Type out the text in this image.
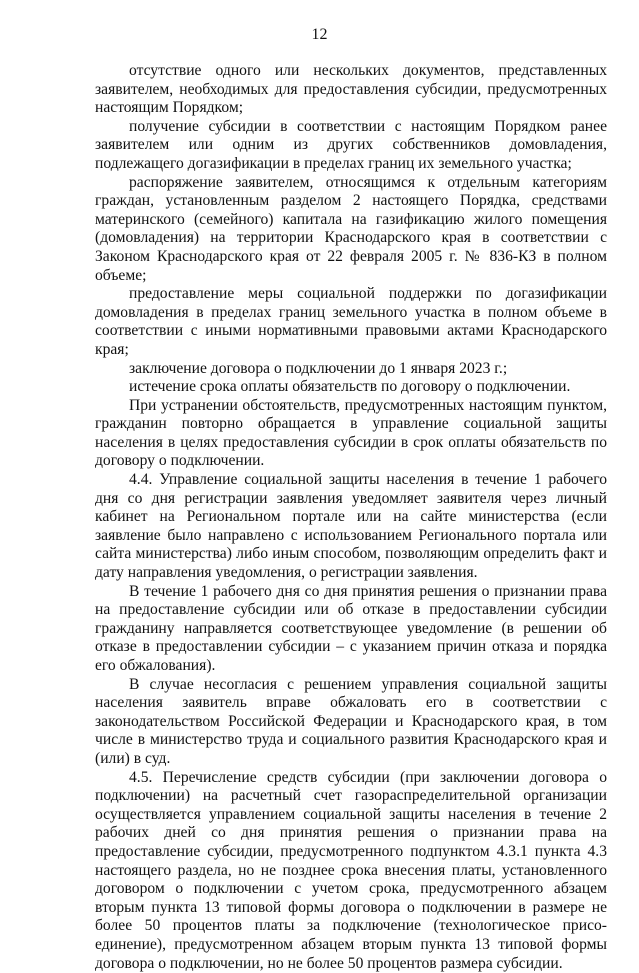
12

отсутствие одного или нескольких документов, представленных заявителем, необходимых для предоставления субсидии, предусмотренных настоящим Порядком;

получение субсидии в соответствии с настоящим Порядком ранее заявителем или одним из других собственников домовладения, подлежащего догазификации в пределах границ их земельного участка;

распоряжение заявителем, относящимся к отдельным категориям граждан, установленным разделом 2 настоящего Порядка, средствами материнского (семейного) капитала на газификацию жилого помещения (домовладения) на территории Краснодарского края в соответствии с Законом Краснодарского края от 22 февраля 2005 г. № 836-КЗ в полном объеме;

предоставление меры социальной поддержки по догазификации домовладения в пределах границ земельного участка в полном объеме в соответствии с иными нормативными правовыми актами Краснодарского края;

заключение договора о подключении до 1 января 2023 г.;

истечение срока оплаты обязательств по договору о подключении.

При устранении обстоятельств, предусмотренных настоящим пунктом, гражданин повторно обращается в управление социальной защиты населения в целях предоставления субсидии в срок оплаты обязательств по договору о подключении.

4.4. Управление социальной защиты населения в течение 1 рабочего дня со дня регистрации заявления уведомляет заявителя через личный кабинет на Региональном портале или на сайте министерства (если заявление было направлено с использованием Регионального портала или сайта министерства) либо иным способом, позволяющим определить факт и дату направления уведомления, о регистрации заявления.

В течение 1 рабочего дня со дня принятия решения о признании права на предоставление субсидии или об отказе в предоставлении субсидии гражданину направляется соответствующее уведомление (в решении об отказе в предоставлении субсидии – с указанием причин отказа и порядка его обжалования).

В случае несогласия с решением управления социальной защиты населения заявитель вправе обжаловать его в соответствии с законодательством Российской Федерации и Краснодарского края, в том числе в министерство труда и социального развития Краснодарского края и (или) в суд.

4.5. Перечисление средств субсидии (при заключении договора о подключении) на расчетный счет газораспределительной организации осуществляется управлением социальной защиты населения в течение 2 рабочих дней со дня принятия решения о признании права на предоставление субсидии, предусмотренного подпунктом 4.3.1 пункта 4.3 настоящего раздела, но не позднее срока внесения платы, установленного договором о подключении с учетом срока, предусмотренного абзацем вторым пункта 13 типовой формы договора о подключении в размере не более 50 процентов платы за подключение (технологическое присоединение), предусмотренном абзацем вторым пункта 13 типовой формы договора о подключении, но не более 50 процентов размера субсидии.
